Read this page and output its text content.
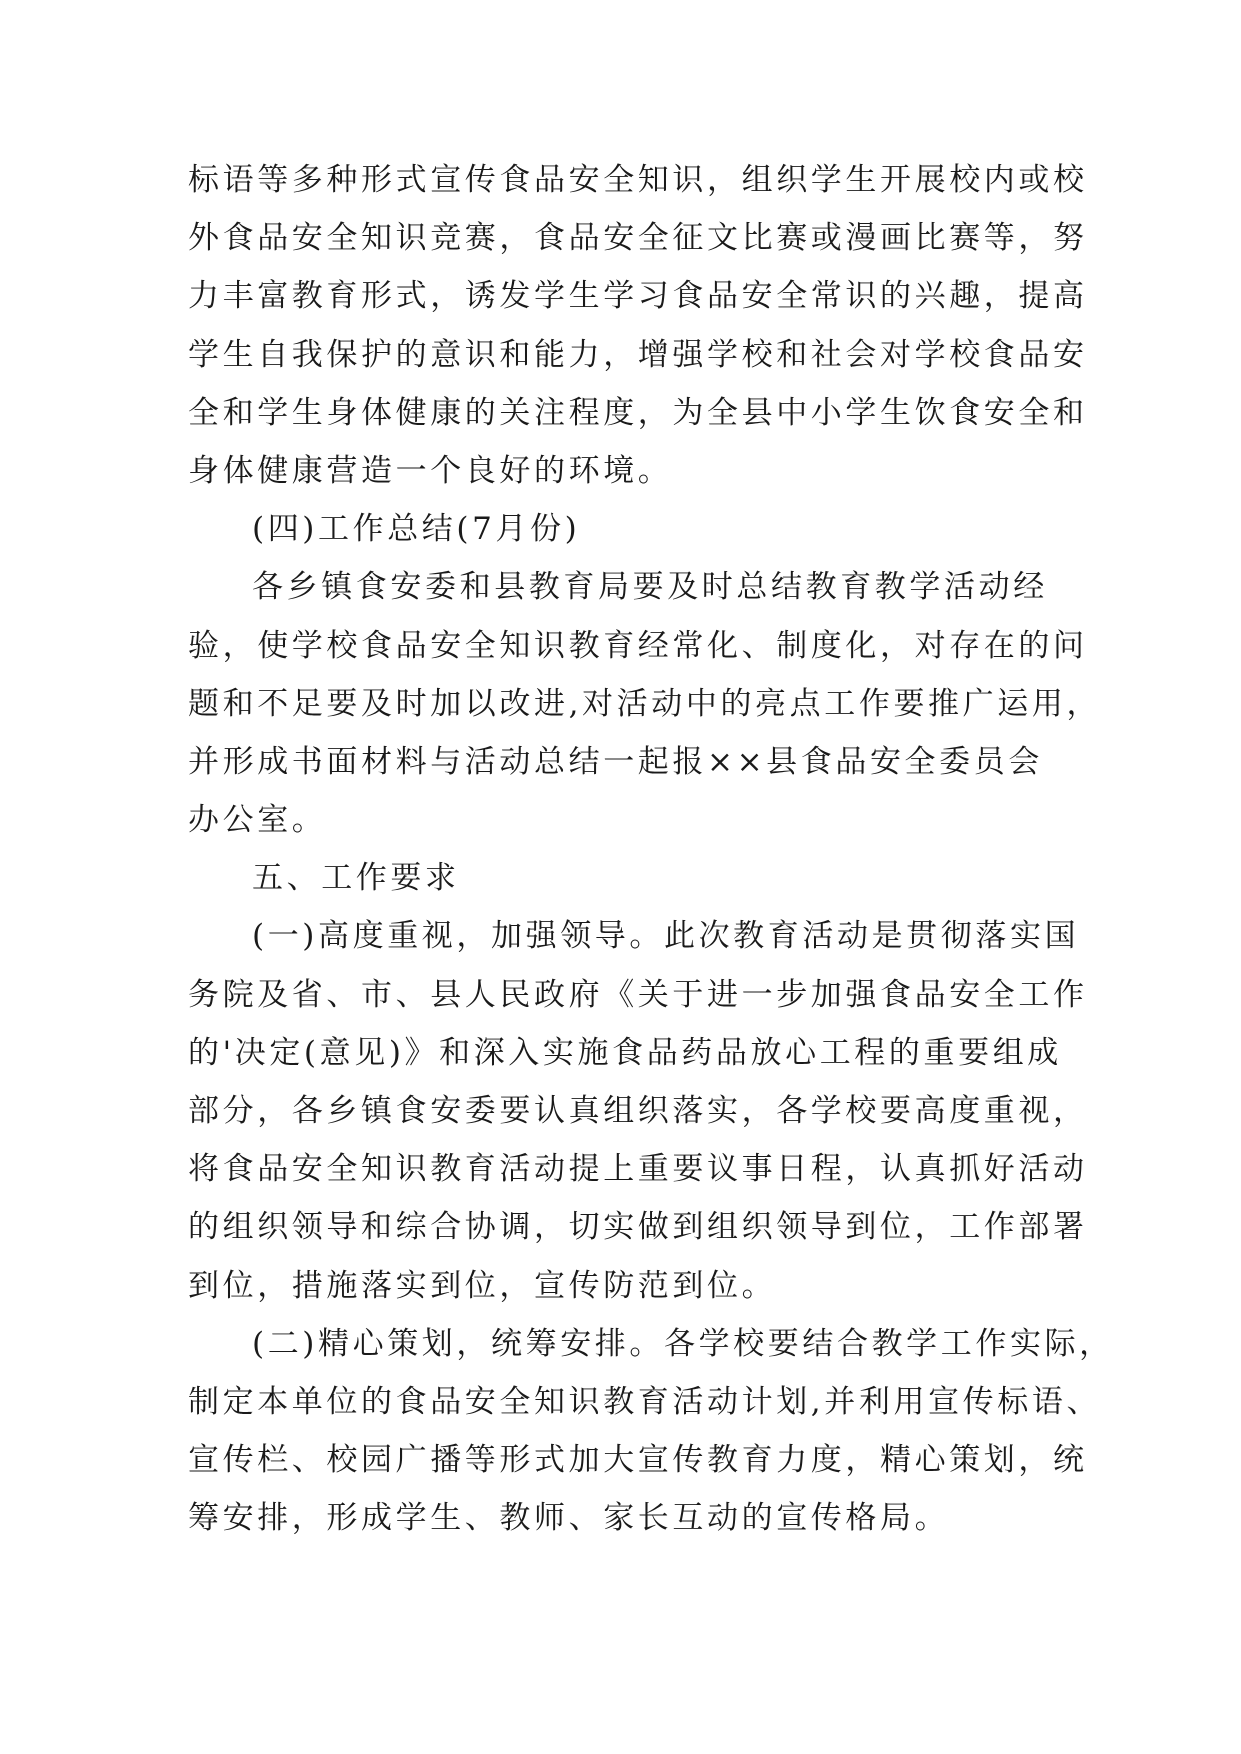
标语等多种形式宣传食品安全知识，组织学生开展校内或校
外食品安全知识竞赛，食品安全征文比赛或漫画比赛等，努
力丰富教育形式，诱发学生学习食品安全常识的兴趣，提高
学生自我保护的意识和能力，增强学校和社会对学校食品安
全和学生身体健康的关注程度，为全县中小学生饮食安全和
身体健康营造一个良好的环境。
(四)工作总结(7月份)
各乡镇食安委和县教育局要及时总结教育教学活动经
验，使学校食品安全知识教育经常化、制度化，对存在的问
题和不足要及时加以改进,对活动中的亮点工作要推广运用，
并形成书面材料与活动总结一起报××县食品安全委员会
办公室。
五、工作要求
(一)高度重视，加强领导。此次教育活动是贯彻落实国
务院及省、市、县人民政府《关于进一步加强食品安全工作
的'决定(意见)》和深入实施食品药品放心工程的重要组成
部分，各乡镇食安委要认真组织落实，各学校要高度重视，
将食品安全知识教育活动提上重要议事日程，认真抓好活动
的组织领导和综合协调，切实做到组织领导到位，工作部署
到位，措施落实到位，宣传防范到位。
(二)精心策划，统筹安排。各学校要结合教学工作实际，
制定本单位的食品安全知识教育活动计划,并利用宣传标语、
宣传栏、校园广播等形式加大宣传教育力度，精心策划，统
筹安排，形成学生、教师、家长互动的宣传格局。
